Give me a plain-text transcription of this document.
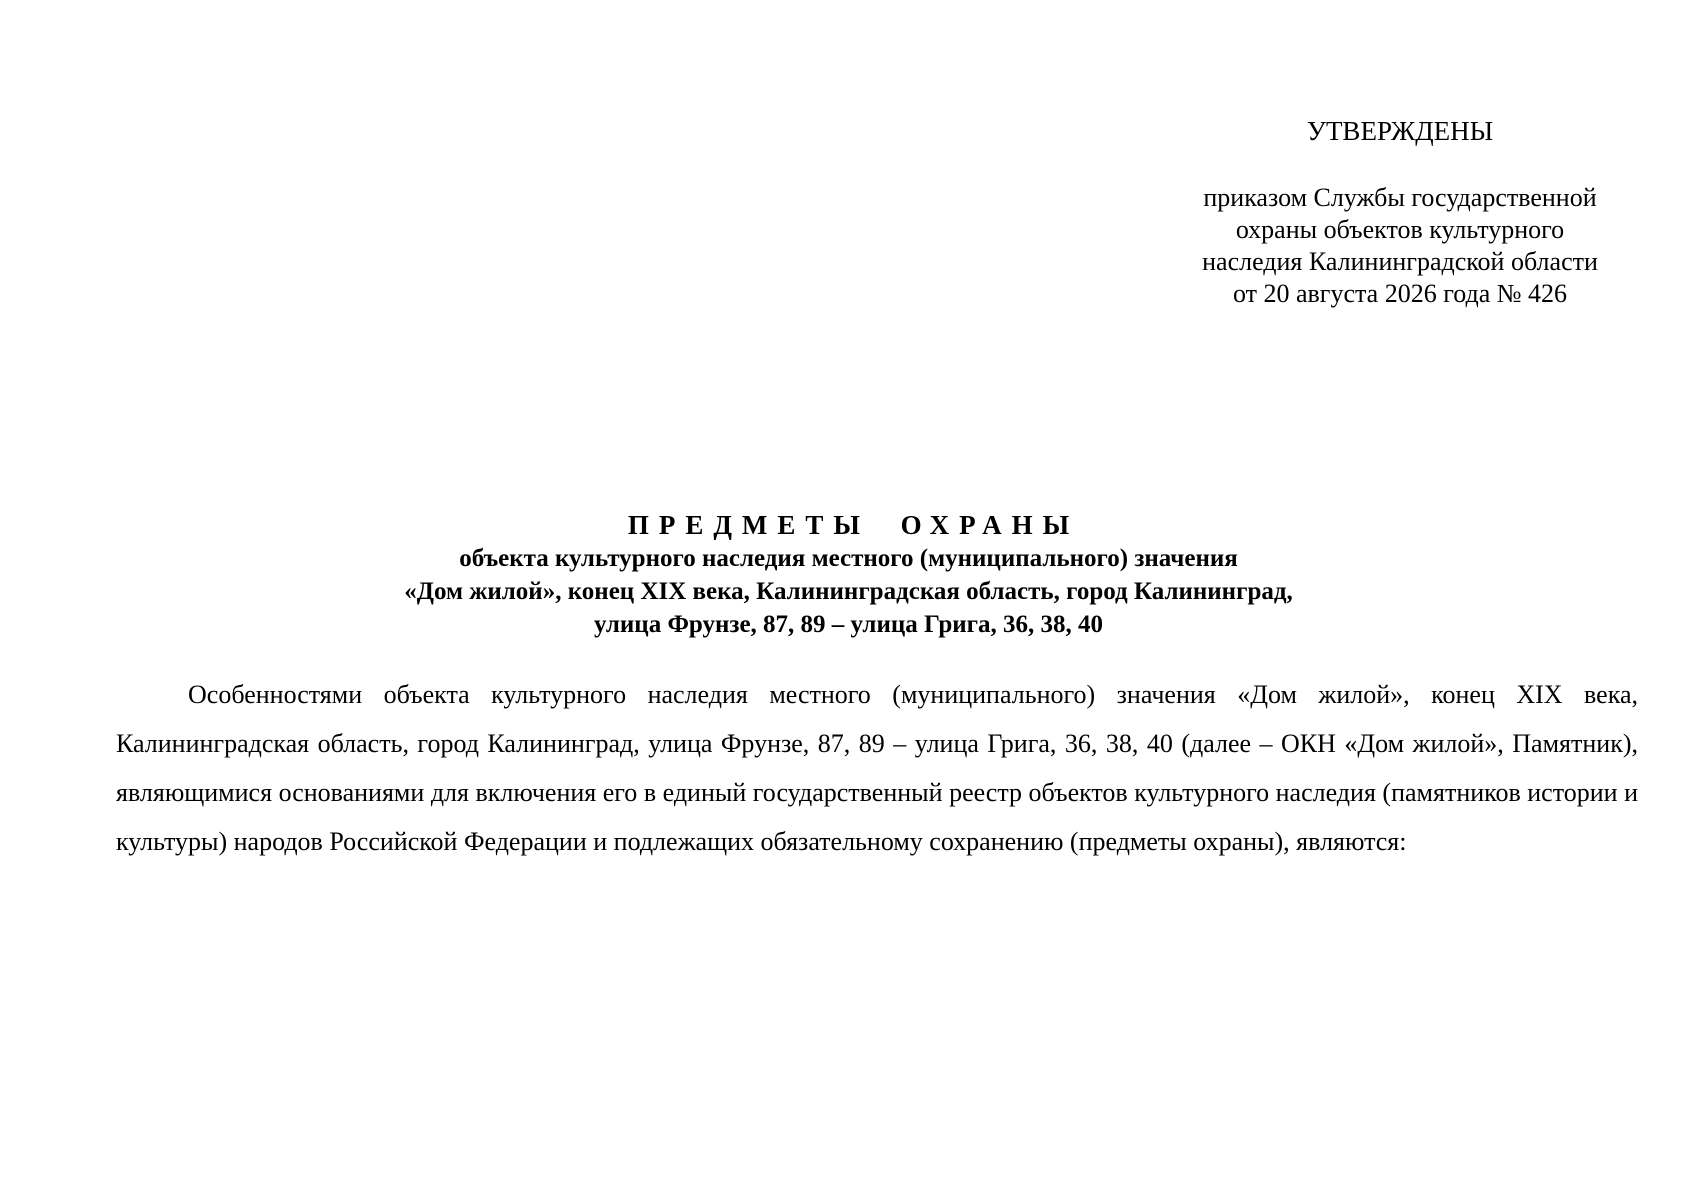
УТВЕРЖДЕНЫ
приказом Службы государственной
охраны объектов культурного
наследия Калининградской области
от 20 августа 2026 года № 426
ПРЕДМЕТЫ ОХРАНЫ
объекта культурного наследия местного (муниципального) значения
«Дом жилой», конец XIX века, Калининградская область, город Калининград,
улица Фрунзе, 87, 89 – улица Грига, 36, 38, 40

Особенностями объекта культурного наследия местного (муниципального) значения «Дом жилой», конец XIX века, Калининградская область, город Калининград, улица Фрунзе, 87, 89 – улица Грига, 36, 38, 40 (далее – ОКН «Дом жилой», Памятник), являющимися основаниями для включения его в единый государственный реестр объектов культурного наследия (памятников истории и культуры) народов Российской Федерации и подлежащих обязательному сохранению (предметы охраны), являются:
